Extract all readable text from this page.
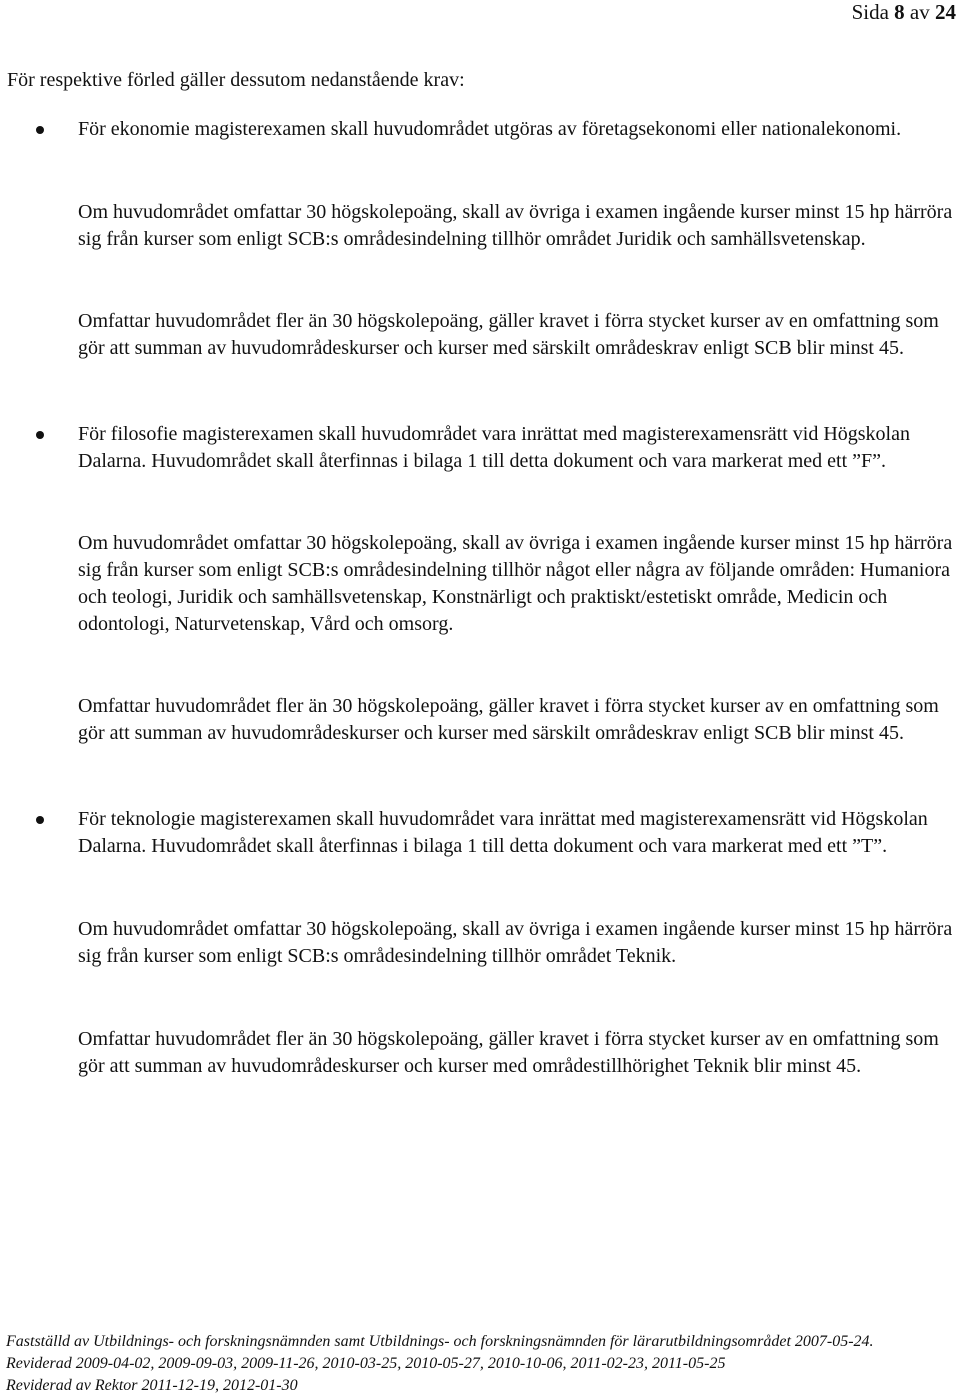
Sida 8 av 24
För respektive förled gäller dessutom nedanstående krav:
För ekonomie magisterexamen skall huvudområdet utgöras av företagsekonomi eller nationalekonomi.
Om huvudområdet omfattar 30 högskolepoäng, skall av övriga i examen ingående kurser minst 15 hp härröra sig från kurser som enligt SCB:s områdesindelning tillhör området Juridik och samhällsvetenskap.
Omfattar huvudområdet fler än 30 högskolepoäng, gäller kravet i förra stycket kurser av en omfattning som gör att summan av huvudområdeskurser och kurser med särskilt områdeskrav enligt SCB blir minst 45.
För filosofie magisterexamen skall huvudområdet vara inrättat med magisterexamensrätt vid Högskolan Dalarna. Huvudområdet skall återfinnas i bilaga 1 till detta dokument och vara markerat med ett ”F”.
Om huvudområdet omfattar 30 högskolepoäng, skall av övriga i examen ingående kurser minst 15 hp härröra sig från kurser som enligt SCB:s områdesindelning tillhör något eller några av följande områden: Humaniora och teologi, Juridik och samhällsvetenskap, Konstnärligt och praktiskt/estetiskt område, Medicin och odontologi, Naturvetenskap, Vård och omsorg.
Omfattar huvudområdet fler än 30 högskolepoäng, gäller kravet i förra stycket kurser av en omfattning som gör att summan av huvudområdeskurser och kurser med särskilt områdeskrav enligt SCB blir minst 45.
För teknologie magisterexamen skall huvudområdet vara inrättat med magisterexamensrätt vid Högskolan Dalarna. Huvudområdet skall återfinnas i bilaga 1 till detta dokument och vara markerat med ett ”T”.
Om huvudområdet omfattar 30 högskolepoäng, skall av övriga i examen ingående kurser minst 15 hp härröra sig från kurser som enligt SCB:s områdesindelning tillhör området Teknik.
Omfattar huvudområdet fler än 30 högskolepoäng, gäller kravet i förra stycket kurser av en omfattning som gör att summan av huvudområdeskurser och kurser med områdestillhörighet Teknik blir minst 45.
Fastställd av Utbildnings- och forskningsnämnden samt Utbildnings- och forskningsnämnden för lärarutbildningsområdet 2007-05-24.
Reviderad 2009-04-02, 2009-09-03, 2009-11-26, 2010-03-25, 2010-05-27, 2010-10-06, 2011-02-23, 2011-05-25
Reviderad av Rektor 2011-12-19, 2012-01-30
